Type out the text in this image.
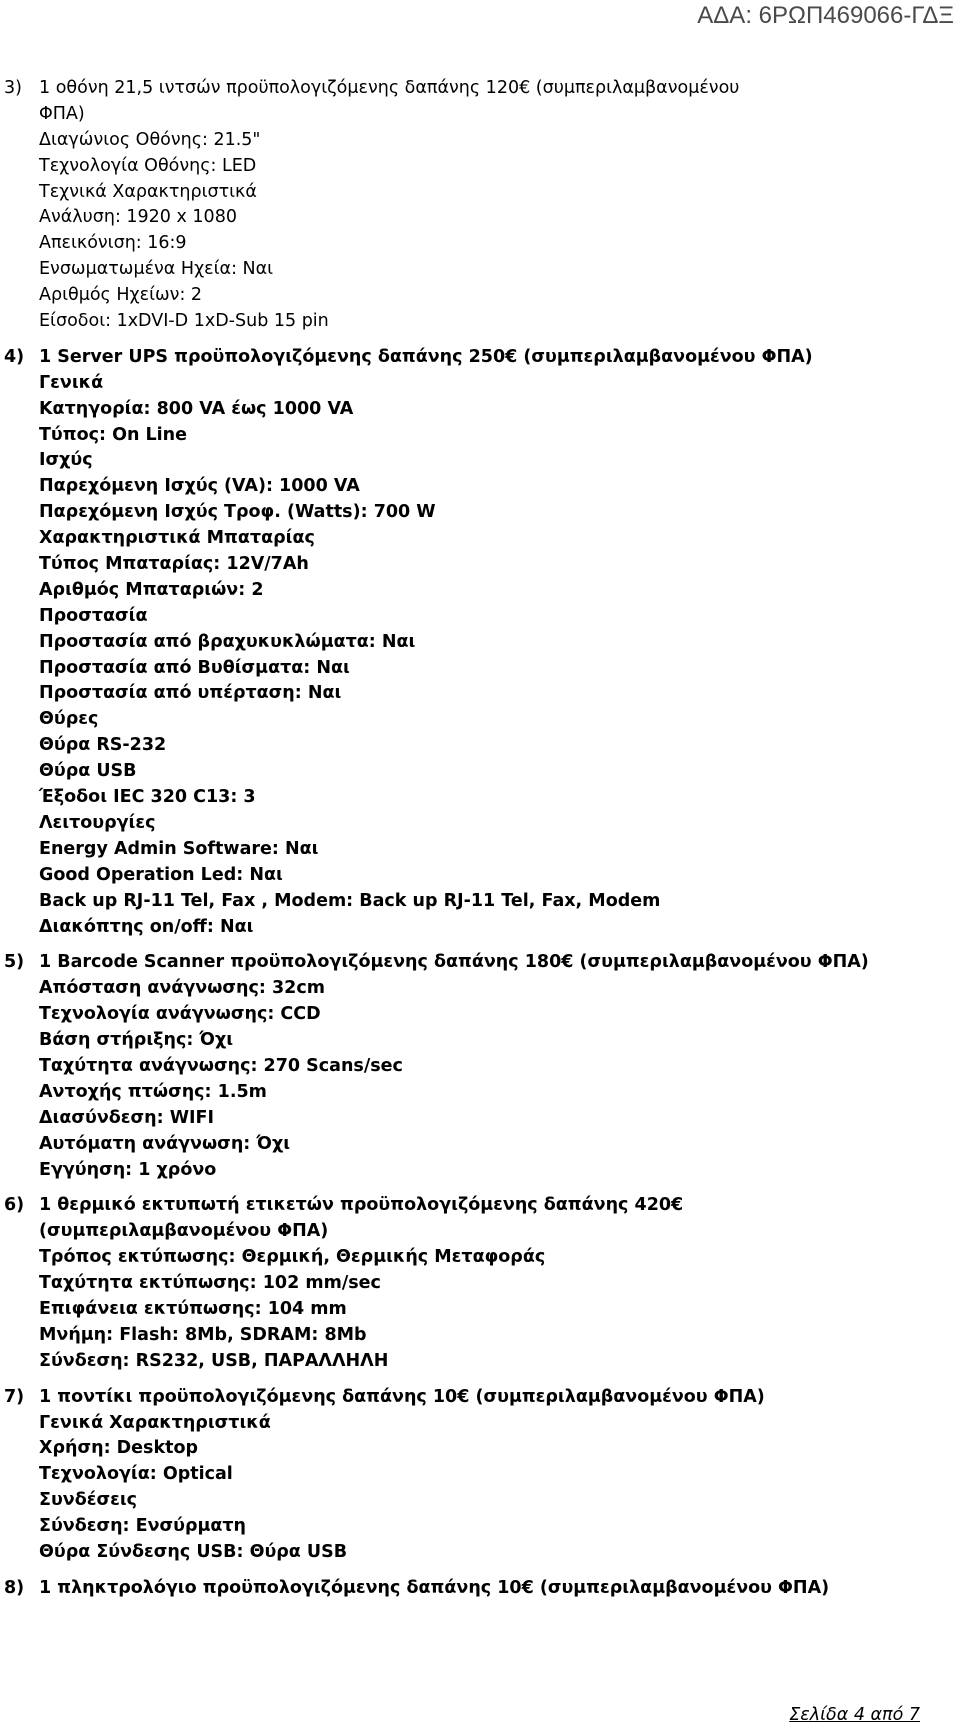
ΑΔΑ: 6ΡΩΠ469066-ΓΔΞ
3) 1 οθόνη 21,5 ιντσών προϋπολογιζόμενης δαπάνης 120€ (συμπεριλαμβανομένου
ΦΠΑ)
Διαγώνιος Οθόνης: 21.5"
Τεχνολογία Οθόνης: LED
Τεχνικά Χαρακτηριστικά
Ανάλυση: 1920 x 1080
Απεικόνιση: 16:9
Ενσωματωμένα Ηχεία: Ναι
Αριθμός Ηχείων: 2
Είσοδοι: 1xDVI-D 1xD-Sub 15 pin
4) 1 Server UPS προϋπολογιζόμενης δαπάνης 250€ (συμπεριλαμβανομένου ΦΠΑ)
Γενικά
Κατηγορία: 800 VA έως 1000 VA
Τύπος: On Line
Ισχύς
Παρεχόμενη Ισχύς (VA): 1000 VA
Παρεχόμενη Ισχύς Τροφ. (Watts): 700 W
Χαρακτηριστικά Μπαταρίας
Τύπος Μπαταρίας: 12V/7Ah
Αριθμός Μπαταριών: 2
Προστασία
Προστασία από βραχυκυκλώματα: Ναι
Προστασία από Βυθίσματα: Ναι
Προστασία από υπέρταση: Ναι
Θύρες
Θύρα RS-232
Θύρα USB
Έξοδοι IEC 320 C13: 3
Λειτουργίες
Energy Admin Software: Ναι
Good Operation Led: Ναι
Back up RJ-11 Tel, Fax , Modem: Back up RJ-11 Tel, Fax, Modem
Διακόπτης on/off: Ναι
5) 1 Barcode Scanner προϋπολογιζόμενης δαπάνης 180€ (συμπεριλαμβανομένου ΦΠΑ)
Απόσταση ανάγνωσης: 32cm
Τεχνολογία ανάγνωσης: CCD
Βάση στήριξης: Όχι
Ταχύτητα ανάγνωσης: 270 Scans/sec
Αντοχής πτώσης: 1.5m
Διασύνδεση: WIFI
Αυτόματη ανάγνωση: Όχι
Εγγύηση: 1 χρόνο
6) 1 θερμικό εκτυπωτή ετικετών προϋπολογιζόμενης δαπάνης 420€
(συμπεριλαμβανομένου ΦΠΑ)
Τρόπος εκτύπωσης: Θερμική, Θερμικής Μεταφοράς
Ταχύτητα εκτύπωσης: 102 mm/sec
Επιφάνεια εκτύπωσης: 104 mm
Μνήμη: Flash: 8Mb, SDRAM: 8Mb
Σύνδεση: RS232, USB, ΠΑΡΑΛΛΗΛΗ
7) 1 ποντίκι προϋπολογιζόμενης δαπάνης 10€ (συμπεριλαμβανομένου ΦΠΑ)
Γενικά Χαρακτηριστικά
Χρήση: Desktop
Τεχνολογία: Optical
Συνδέσεις
Σύνδεση: Ενσύρματη
Θύρα Σύνδεσης USB: Θύρα USB
8) 1 πληκτρολόγιο προϋπολογιζόμενης δαπάνης 10€ (συμπεριλαμβανομένου ΦΠΑ)
Σελίδα 4 από 7
